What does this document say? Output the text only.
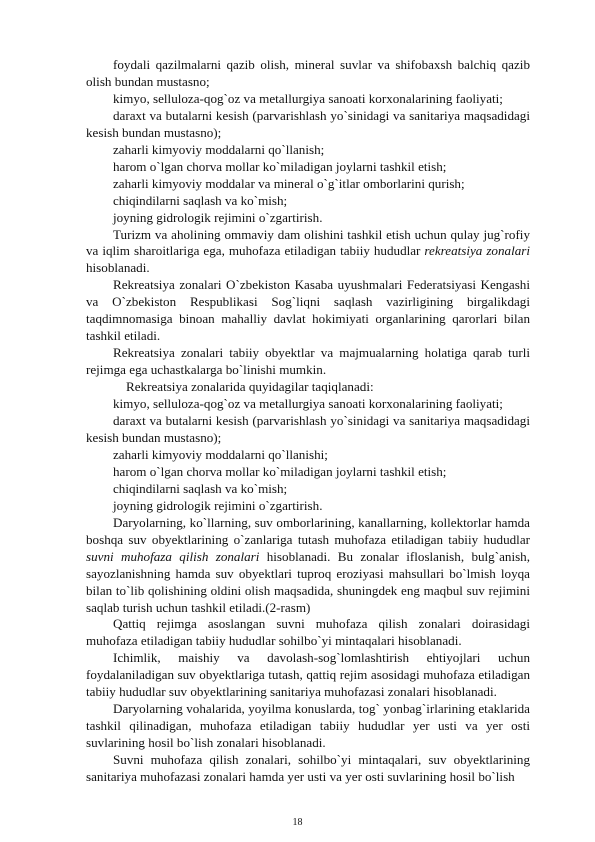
foydali qazilmalarni qazib olish, mineral suvlar va shifobaxsh balchiq qazib olish bundan mustasno;

kimyo, selluloza-qog`oz va metallurgiya sanoati korxonalarining faoliyati;

daraxt va butalarni kesish (parvarishlash yo`sinidagi va sanitariya maqsadidagi kesish bundan mustasno);

zaharli kimyoviy moddalarni qo`llanish;

harom o`lgan chorva mollar ko`miladigan joylarni tashkil etish;

zaharli kimyoviy moddalar va mineral o`g`itlar omborlarini qurish;

chiqindilarni saqlash va ko`mish;

joyning gidrologik rejimini o`zgartirish.

Turizm va aholining ommaviy dam olishini tashkil etish uchun qulay jug`rofiy va iqlim sharoitlariga ega, muhofaza etiladigan tabiiy hududlar rekreatsiya zonalari hisoblanadi.

Rekreatsiya zonalari O`zbekiston Kasaba uyushmalari Federatsiyasi Kengashi va O`zbekiston Respublikasi Sog`liqni saqlash vazirligining birgalikdagi taqdimnomasiga binoan mahalliy davlat hokimiyati organlarining qarorlari bilan tashkil etiladi.

Rekreatsiya zonalari tabiiy obyektlar va majmualarning holatiga qarab turli rejimga ega uchastkalarga bo`linishi mumkin.

Rekreatsiya zonalarida quyidagilar taqiqlanadi:

kimyo, selluloza-qog`oz va metallurgiya sanoati korxonalarining faoliyati;

daraxt va butalarni kesish (parvarishlash yo`sinidagi va sanitariya maqsadidagi kesish bundan mustasno);

zaharli kimyoviy moddalarni qo`llanishi;

harom o`lgan chorva mollar ko`miladigan joylarni tashkil etish;

chiqindilarni saqlash va ko`mish;

joyning gidrologik rejimini o`zgartirish.

Daryolarning, ko`llarning, suv omborlarining, kanallarning, kollektorlar hamda boshqa suv obyektlarining o`zanlariga tutash muhofaza etiladigan tabiiy hududlar suvni muhofaza qilish zonalari hisoblanadi. Bu zonalar ifloslanish, bulg`anish, sayozlanishning hamda suv obyektlari tuproq eroziyasi mahsullari bo`lmish loyqa bilan to`lib qolishining oldini olish maqsadida, shuningdek eng maqbul suv rejimini saqlab turish uchun tashkil etiladi.(2-rasm)

Qattiq rejimga asoslangan suvni muhofaza qilish zonalari doirasidagi muhofaza etiladigan tabiiy hududlar sohilbo`yi mintaqalari hisoblanadi.

Ichimlik, maishiy va davolash-sog`lomlashtirish ehtiyojlari uchun foydalaniladigan suv obyektlariga tutash, qattiq rejim asosidagi muhofaza etiladigan tabiiy hududlar suv obyektlarining sanitariya muhofazasi zonalari hisoblanadi.

Daryolarning vohalarida, yoyilma konuslarda, tog` yonbag`irlarining etaklarida tashkil qilinadigan, muhofaza etiladigan tabiiy hududlar yer usti va yer osti suvlarining hosil bo`lish zonalari hisoblanadi.

Suvni muhofaza qilish zonalari, sohilbo`yi mintaqalari, suv obyektlarining sanitariya muhofazasi zonalari hamda yer usti va yer osti suvlarining hosil bo`lish

18
